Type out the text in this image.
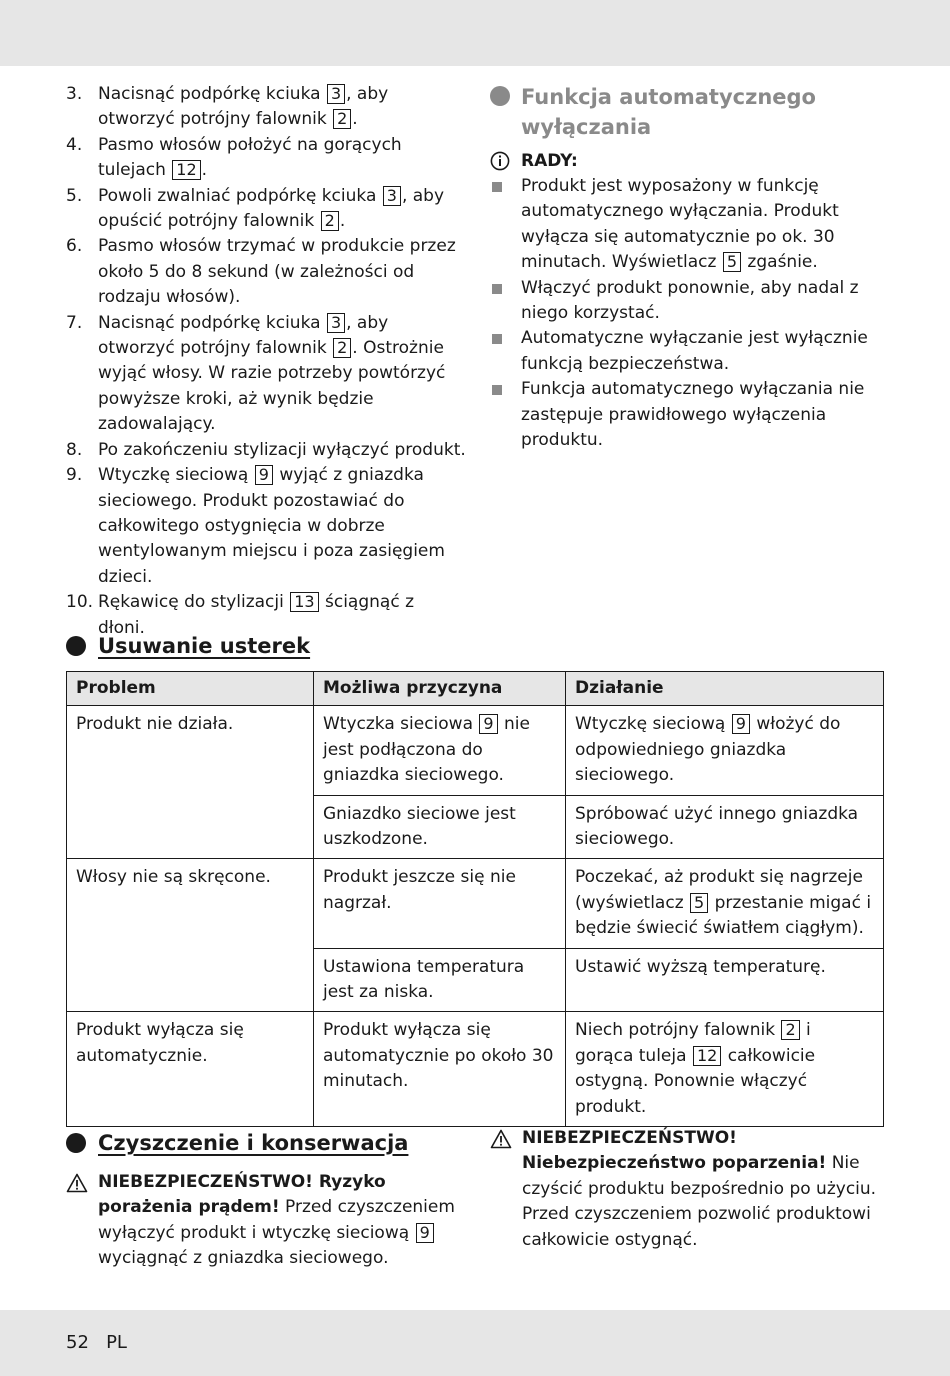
3. Nacisnąć podpórkę kciuka 3 , aby otworzyć potrójny falownik 2 .
4. Pasmo włosów położyć na gorących tulejach 12 .
5. Powoli zwalniać podpórkę kciuka 3 , aby opuścić potrójny falownik 2 .
6. Pasmo włosów trzymać w produkcie przez około 5 do 8 sekund (w zależności od rodzaju włosów).
7. Nacisnąć podpórkę kciuka 3 , aby otworzyć potrójny falownik 2 . Ostrożnie wyjąć włosy. W razie potrzeby powtórzyć powyższe kroki, aż wynik będzie zadowalający.
8. Po zakończeniu stylizacji wyłączyć produkt.
9. Wtyczkę sieciową 9 wyjąć z gniazdka sieciowego. Produkt pozostawiać do całkowitego ostygnięcia w dobrze wentylowanym miejscu i poza zasięgiem dzieci.
10. Rękawicę do stylizacji 13 ściągnąć z dłoni.
Funkcja automatycznego wyłączania
RADY:
Produkt jest wyposażony w funkcję automatycznego wyłączania. Produkt wyłącza się automatycznie po ok. 30 minutach. Wyświetlacz 5 zgaśnie.
Włączyć produkt ponownie, aby nadal z niego korzystać.
Automatyczne wyłączanie jest wyłącznie funkcją bezpieczeństwa.
Funkcja automatycznego wyłączania nie zastępuje prawidłowego wyłączenia produktu.
Usuwanie usterek
Problem	Możliwa przyczyna	Działanie
Produkt nie działa.	Wtyczka sieciowa 9 nie jest podłączona do gniazdka sieciowego.	Wtyczkę sieciową 9 włożyć do odpowiedniego gniazdka sieciowego.
	Gniazdko sieciowe jest uszkodzone.	Spróbować użyć innego gniazdka sieciowego.
Włosy nie są skręcone.	Produkt jeszcze się nie nagrzał.	Poczekać, aż produkt się nagrzeje (wyświetlacz 5 przestanie migać i będzie świecić światłem ciągłym).
	Ustawiona temperatura jest za niska.	Ustawić wyższą temperaturę.
Produkt wyłącza się automatycznie.	Produkt wyłącza się automatycznie po około 30 minutach.	Niech potrójny falownik 2 i gorąca tuleja 12 całkowicie ostygną. Ponownie włączyć produkt.
Czyszczenie i konserwacja
NIEBEZPIECZEŃSTWO! Ryzyko porażenia prądem! Przed czyszczeniem wyłączyć produkt i wtyczkę sieciową 9 wyciągnąć z gniazdka sieciowego.
NIEBEZPIECZEŃSTWO!
Niebezpieczeństwo poparzenia! Nie czyścić produktu bezpośrednio po użyciu. Przed czyszczeniem pozwolić produktowi całkowicie ostygnąć.
52 PL
